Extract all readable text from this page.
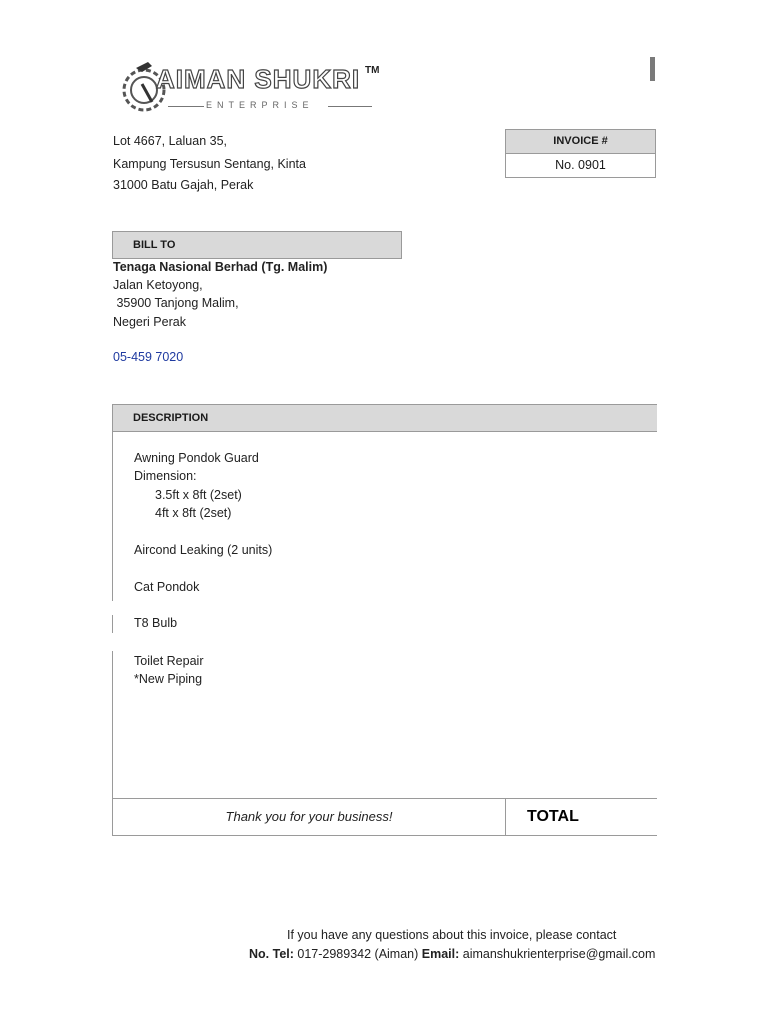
AIMAN SHUKRI TM
ENTERPRISE
Lot 4667, Laluan 35,
Kampung Tersusun Sentang, Kinta
31000 Batu Gajah, Perak
INVOICE #
No. 0901
BILL TO
Tenaga Nasional Berhad (Tg. Malim)
Jalan Ketoyong,
35900 Tanjong Malim,
Negeri Perak
05-459 7020
DESCRIPTION
Awning Pondok Guard
Dimension:
3.5ft x 8ft (2set)
4ft x 8ft (2set)
Aircond Leaking (2 units)
Cat Pondok
T8 Bulb
Toilet Repair
*New Piping
Thank you for your business!	TOTAL
If you have any questions about this invoice, please contact
No. Tel: 017-2989342 (Aiman) Email: aimanshukrienterprise@gmail.com
